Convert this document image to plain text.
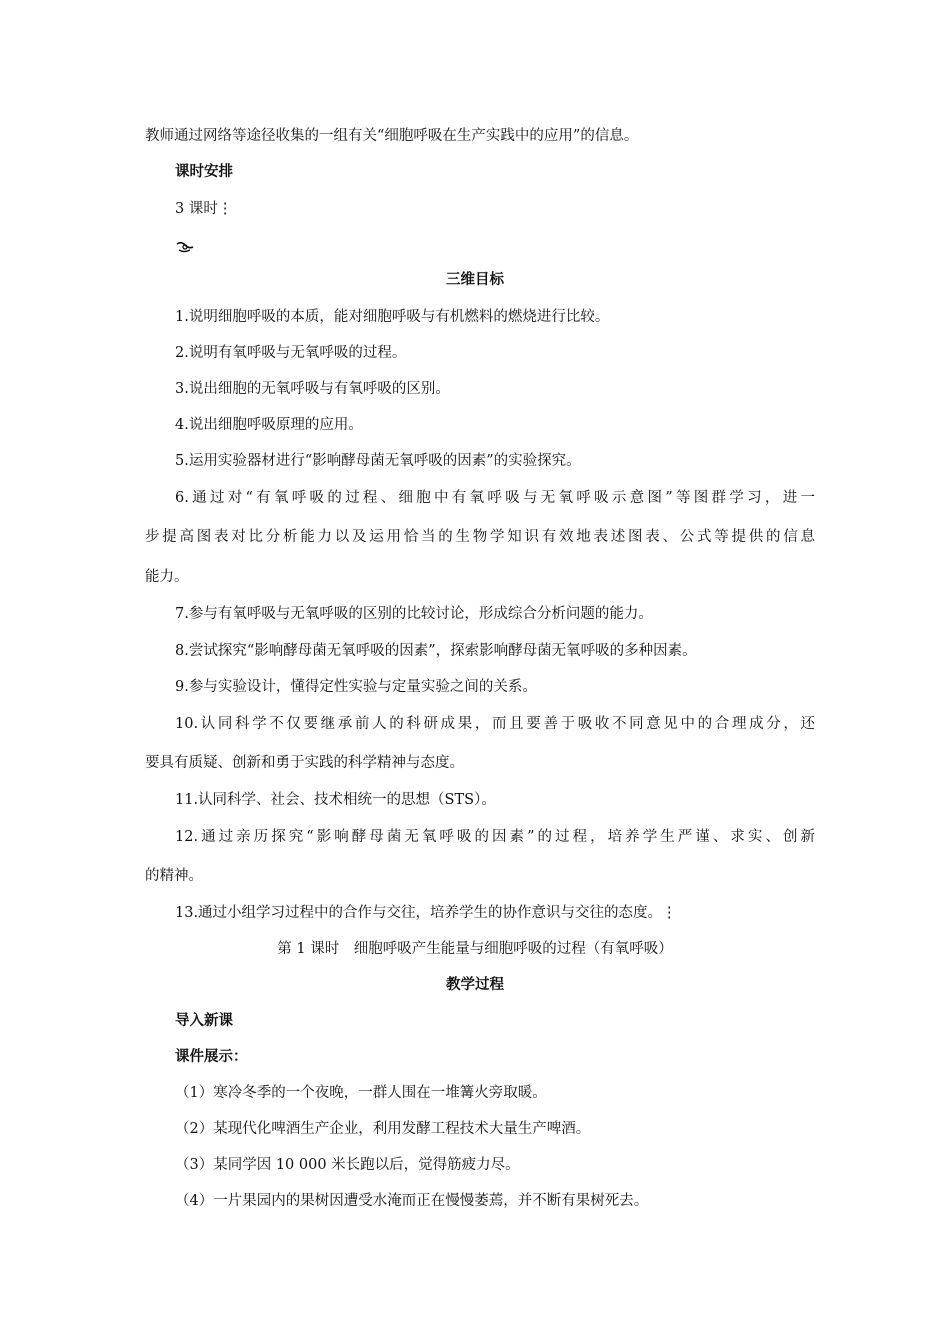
教师通过网络等途径收集的一组有关“细胞呼吸在生产实践中的应用”的信息。
课时安排
3 课时⋮
三维目标
1.说明细胞呼吸的本质，能对细胞呼吸与有机燃料的燃烧进行比较。
2.说明有氧呼吸与无氧呼吸的过程。
3.说出细胞的无氧呼吸与有氧呼吸的区别。
4.说出细胞呼吸原理的应用。
5.运用实验器材进行“影响酵母菌无氧呼吸的因素”的实验探究。
6.通过对“有氧呼吸的过程、细胞中有氧呼吸与无氧呼吸示意图”等图群学习，进一
步提高图表对比分析能力以及运用恰当的生物学知识有效地表述图表、公式等提供的信息
能力。
7.参与有氧呼吸与无氧呼吸的区别的比较讨论，形成综合分析问题的能力。
8.尝试探究“影响酵母菌无氧呼吸的因素”，探索影响酵母菌无氧呼吸的多种因素。
9.参与实验设计，懂得定性实验与定量实验之间的关系。
10.认同科学不仅要继承前人的科研成果，而且要善于吸收不同意见中的合理成分，还
要具有质疑、创新和勇于实践的科学精神与态度。
11.认同科学、社会、技术相统一的思想（STS）。
12.通过亲历探究“影响酵母菌无氧呼吸的因素”的过程，培养学生严谨、求实、创新
的精神。
13.通过小组学习过程中的合作与交往，培养学生的协作意识与交往的态度。⋮
第 1 课时　细胞呼吸产生能量与细胞呼吸的过程（有氧呼吸）
教学过程
导入新课
课件展示：
（1）寒冷冬季的一个夜晚，一群人围在一堆篝火旁取暖。
（2）某现代化啤酒生产企业，利用发酵工程技术大量生产啤酒。
（3）某同学因 10 000 米长跑以后，觉得筋疲力尽。
（4）一片果园内的果树因遭受水淹而正在慢慢萎蔫，并不断有果树死去。
